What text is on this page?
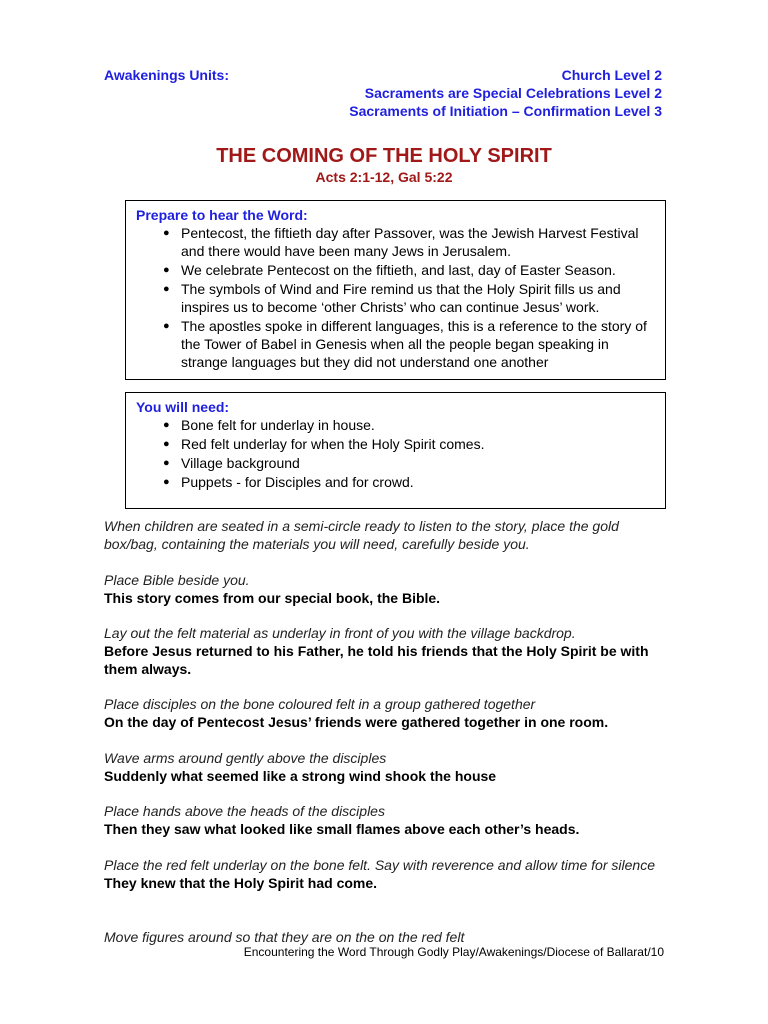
Awakenings Units:	Church Level 2
Sacraments are Special Celebrations Level 2
Sacraments of Initiation – Confirmation Level 3
THE COMING OF THE HOLY SPIRIT
Acts 2:1-12, Gal 5:22
Prepare to hear the Word:
● Pentecost, the fiftieth day after Passover, was the Jewish Harvest Festival and there would have been many Jews in Jerusalem.
● We celebrate Pentecost on the fiftieth, and last, day of Easter Season.
● The symbols of Wind and Fire remind us that the Holy Spirit fills us and inspires us to become ‘other Christs’ who can continue Jesus’ work.
● The apostles spoke in different languages, this is a reference to the story of the Tower of Babel in Genesis when all the people began speaking in strange languages but they did not understand one another
You will need:
● Bone felt for underlay in house.
● Red felt underlay for when the Holy Spirit comes.
● Village background
● Puppets - for Disciples and for crowd.
When children are seated in a semi-circle ready to listen to the story, place the gold box/bag, containing the materials you will need, carefully beside you.
Place Bible beside you.
This story comes from our special book, the Bible.
Lay out the felt material as underlay in front of you with the village backdrop.
Before Jesus returned to his Father, he told his friends that the Holy Spirit be with them always.
Place disciples on the bone coloured felt in a group gathered together
On the day of Pentecost Jesus’ friends were gathered together in one room.
Wave arms around gently above the disciples
Suddenly what seemed like a strong wind shook the house
Place hands above the heads of the disciples
Then they saw what looked like small flames above each other’s heads.
Place the red felt underlay on the bone felt. Say with reverence and allow time for silence
They knew that the Holy Spirit had come.
Move figures around so that they are on the on the red felt
Encountering the Word Through Godly Play/Awakenings/Diocese of Ballarat/10
